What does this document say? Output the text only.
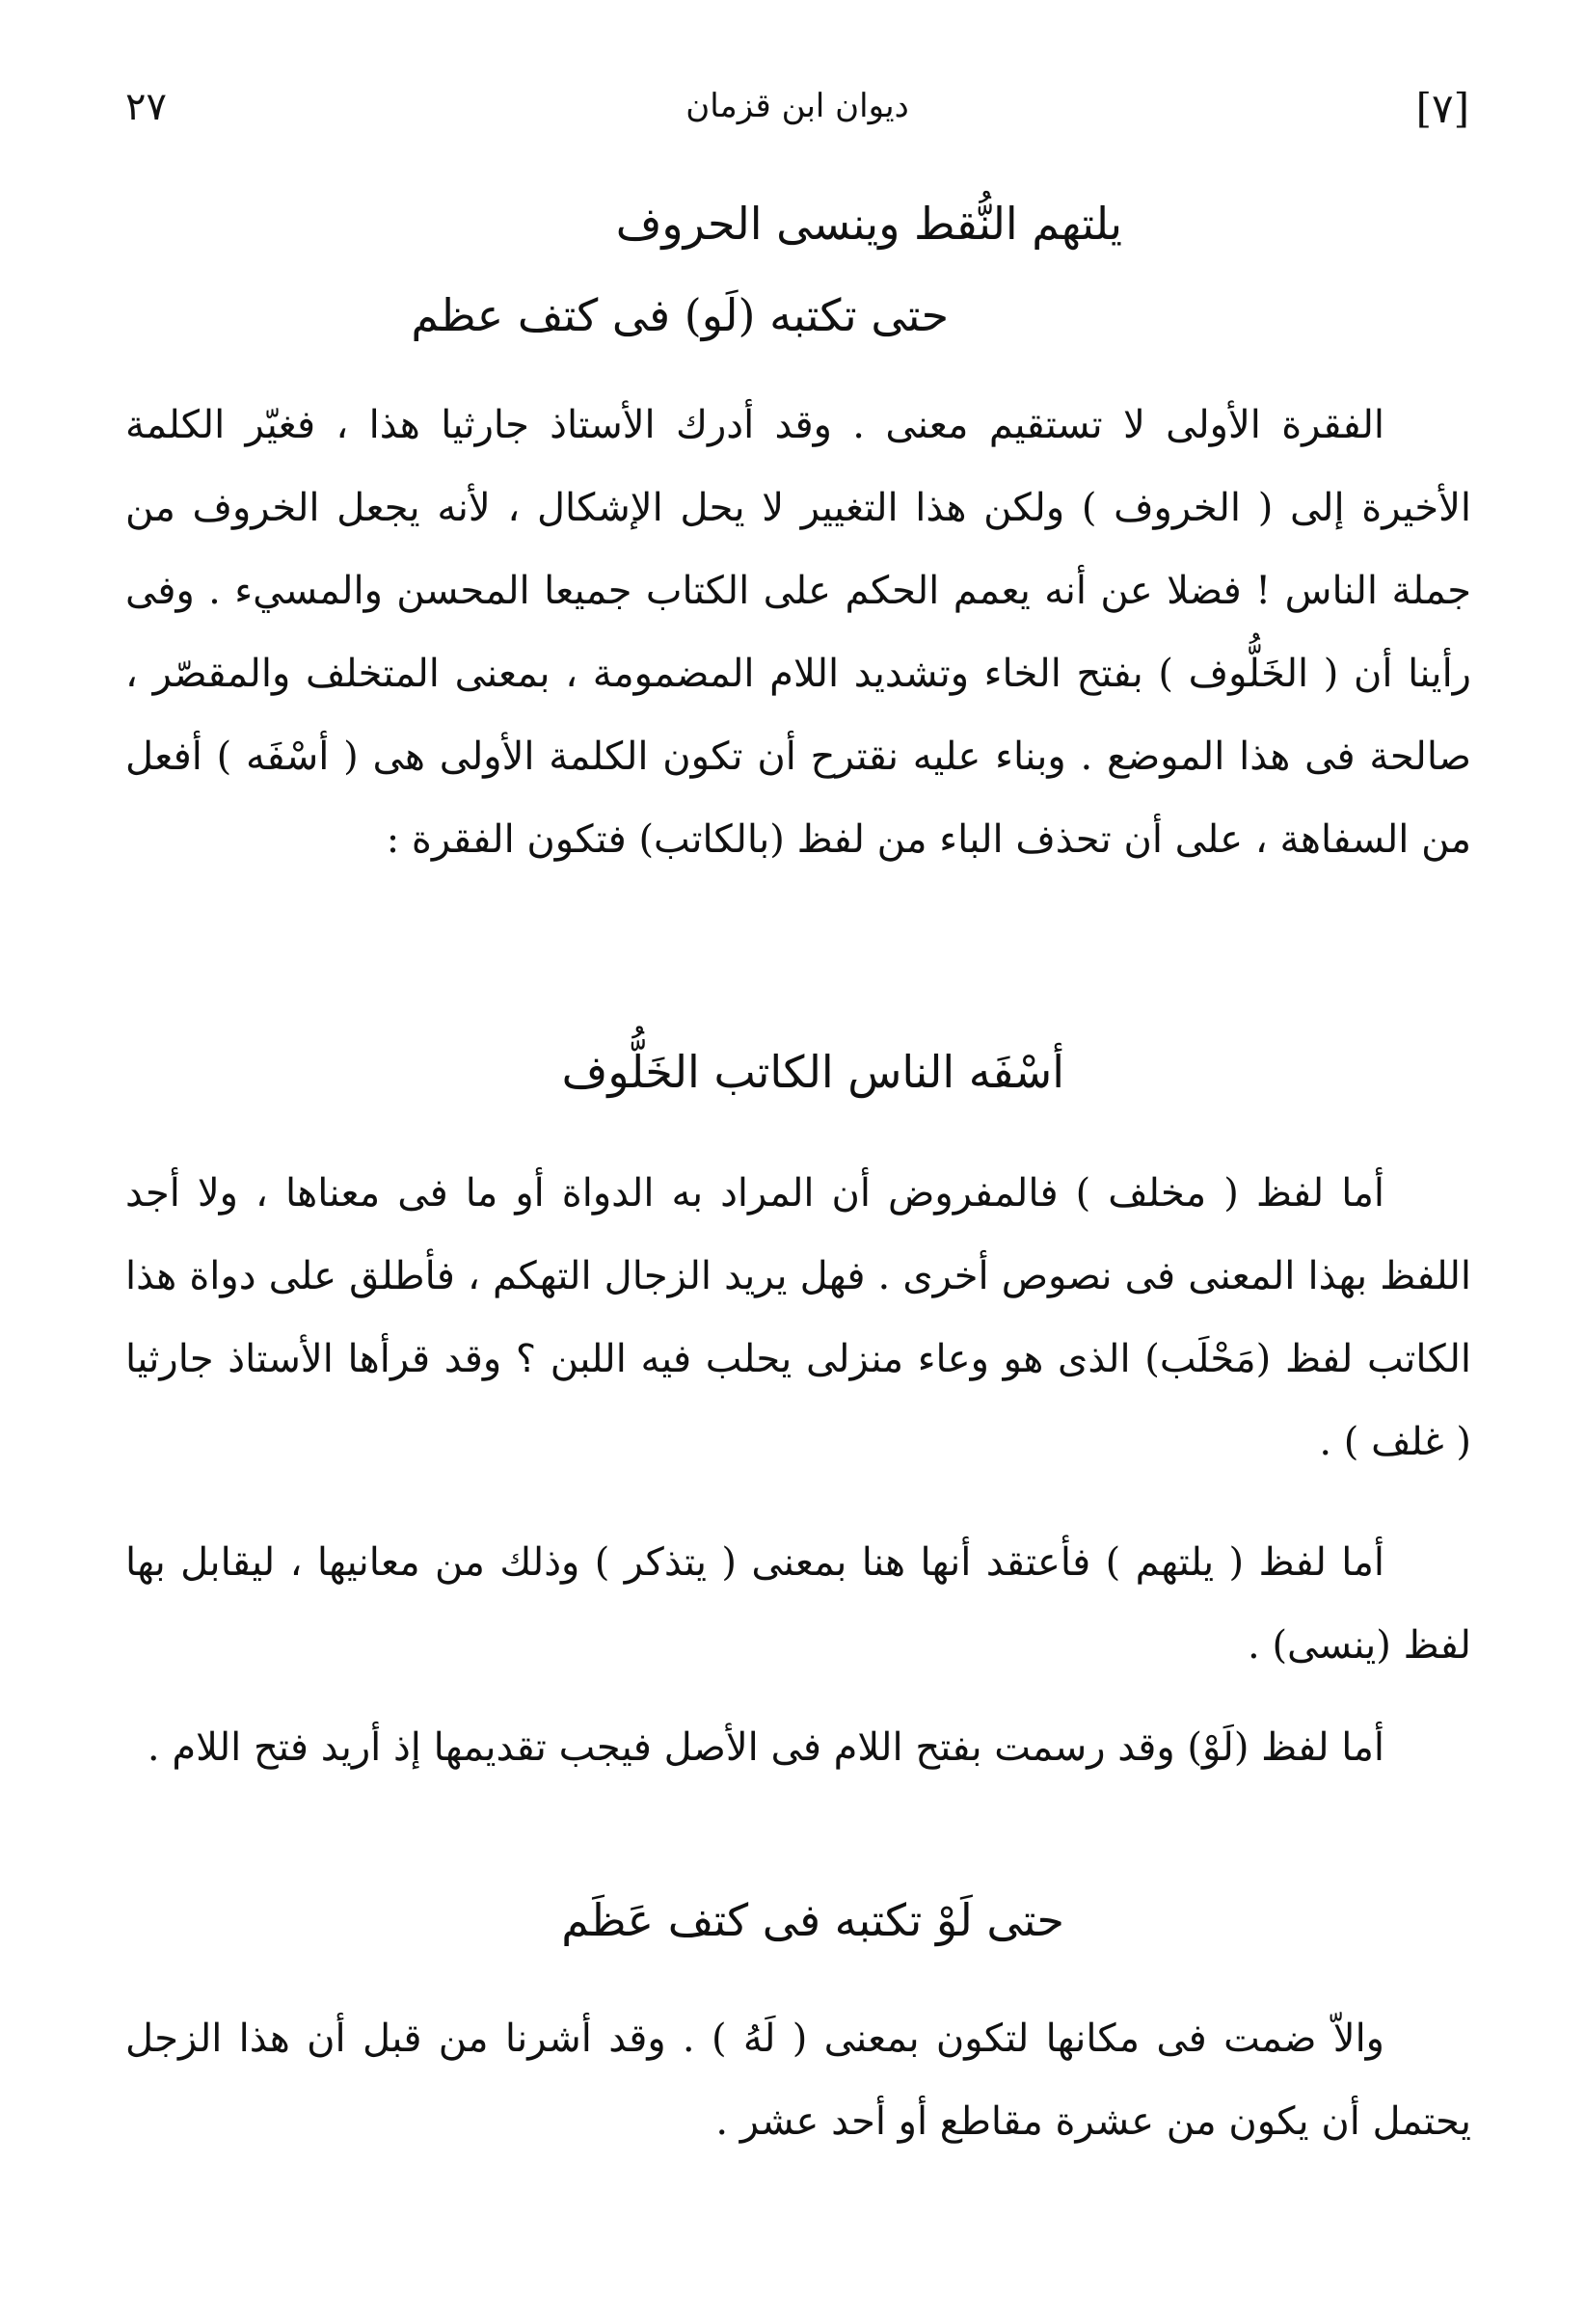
[٧]
ديوان ابن قزمان
٢٧
يلتهم النُّقط وينسى الحروف
حتى تكتبه (لَو) فى كتف عظم

الفقرة الأولى لا تستقيم معنى . وقد أدرك الأستاذ جارثيا هذا ، فغيّر الكلمة الأخيرة إلى ( الخروف ) ولكن هذا التغيير لا يحل الإشكال ، لأنه يجعل الخروف من جملة الناس ! فضلا عن أنه يعمم الحكم على الكتاب جميعا المحسن والمسيء . وفى رأينا أن ( الخَلُّوف ) بفتح الخاء وتشديد اللام المضمومة ، بمعنى المتخلف والمقصّر ، صالحة فى هذا الموضع . وبناء عليه نقترح أن تكون الكلمة الأولى هى ( أسْفَه ) أفعل من السفاهة ، على أن تحذف الباء من لفظ (بالكاتب) فتكون الفقرة :

أسْفَه الناس الكاتب الخَلُّوف

أما لفظ ( مخلف ) فالمفروض أن المراد به الدواة أو ما فى معناها ، ولا أجد اللفظ بهذا المعنى فى نصوص أخرى . فهل يريد الزجال التهكم ، فأطلق على دواة هذا الكاتب لفظ (مَحْلَب) الذى هو وعاء منزلى يحلب فيه اللبن ؟ وقد قرأها الأستاذ جارثيا ( غلف ) .

أما لفظ ( يلتهم ) فأعتقد أنها هنا بمعنى ( يتذكر ) وذلك من معانيها ، ليقابل بها لفظ (ينسى) .

أما لفظ (لَوْ) وقد رسمت بفتح اللام فى الأصل فيجب تقديمها إذ أريد فتح اللام .

حتى لَوْ تكتبه فى كتف عَظَم

والاّ ضمت فى مكانها لتكون بمعنى ( لَهُ ) . وقد أشرنا من قبل أن هذا الزجل يحتمل أن يكون من عشرة مقاطع أو أحد عشر .
